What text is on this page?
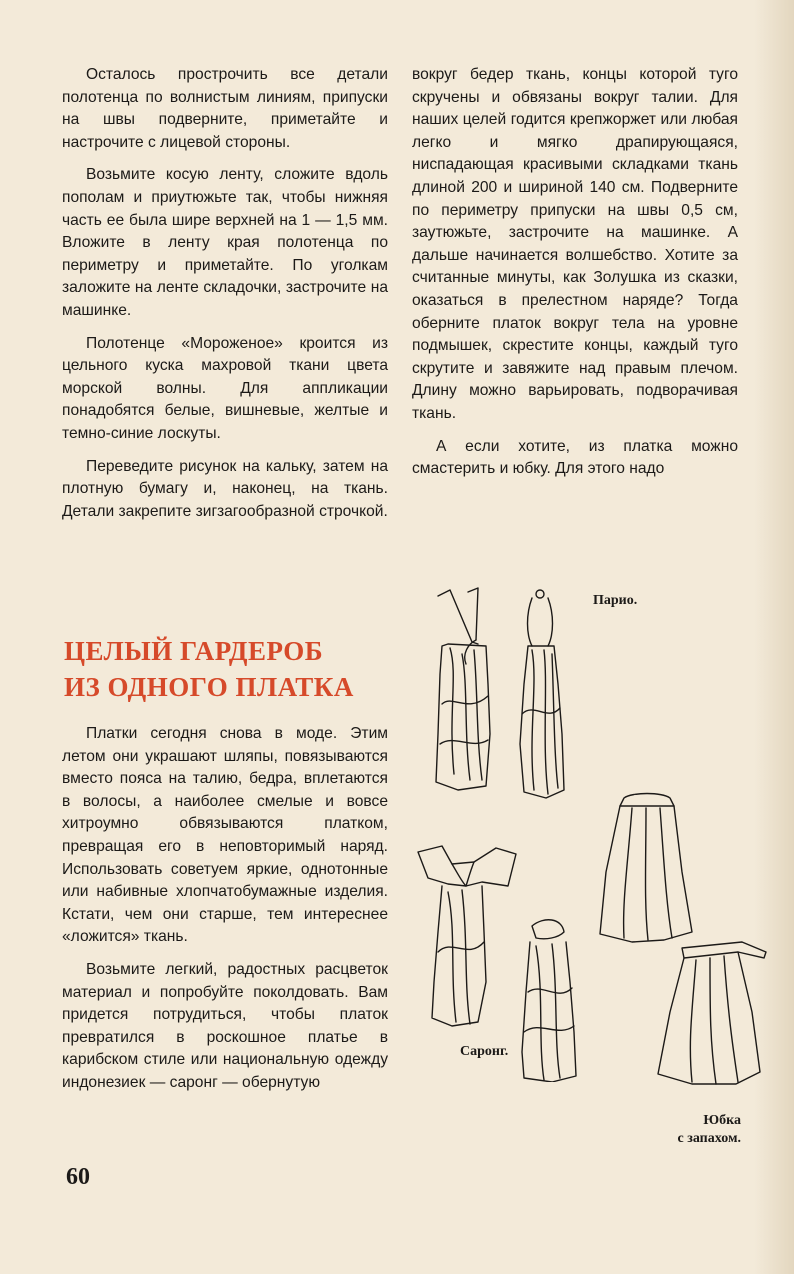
Осталось прострочить все детали полотенца по волнистым линиям, припуски на швы подверните, приметайте и настрочите с лицевой стороны.

Возьмите косую ленту, сложите вдоль пополам и приутюжьте так, чтобы нижняя часть ее была шире верхней на 1 — 1,5 мм. Вложите в ленту края полотенца по периметру и приметайте. По уголкам заложите на ленте складочки, застрочите на машинке.

Полотенце «Мороженое» кроится из цельного куска махровой ткани цвета морской волны. Для аппликации понадобятся белые, вишневые, желтые и темно-синие лоскуты.

Переведите рисунок на кальку, затем на плотную бумагу и, наконец, на ткань. Детали закрепите зигзагообразной строчкой.

ЦЕЛЫЙ ГАРДЕРОБ
ИЗ ОДНОГО ПЛАТКА

Платки сегодня снова в моде. Этим летом они украшают шляпы, повязываются вместо пояса на талию, бедра, вплетаются в волосы, а наиболее смелые и вовсе хитроумно обвязываются платком, превращая его в неповторимый наряд. Использовать советуем яркие, однотонные или набивные хлопчатобумажные изделия. Кстати, чем они старше, тем интереснее «ложится» ткань.

Возьмите легкий, радостных расцветок материал и попробуйте поколдовать. Вам придется потрудиться, чтобы платок превратился в роскошное платье в карибском стиле или национальную одежду индонезиек — саронг — обернутую

вокруг бедер ткань, концы которой туго скручены и обвязаны вокруг талии. Для наших целей годится крепжоржет или любая легко и мягко драпирующаяся, ниспадающая красивыми складками ткань длиной 200 и шириной 140 см. Подверните по периметру припуски на швы 0,5 см, заутюжьте, застрочите на машинке. А дальше начинается волшебство. Хотите за считанные минуты, как Золушка из сказки, оказаться в прелестном наряде? Тогда оберните платок вокруг тела на уровне подмышек, скрестите концы, каждый туго скрутите и завяжите над правым плечом. Длину можно варьировать, подворачивая ткань.

А если хотите, из платка можно смастерить и юбку. Для этого надо

Парио.
Саронг.
Юбка
с запахом.
60
